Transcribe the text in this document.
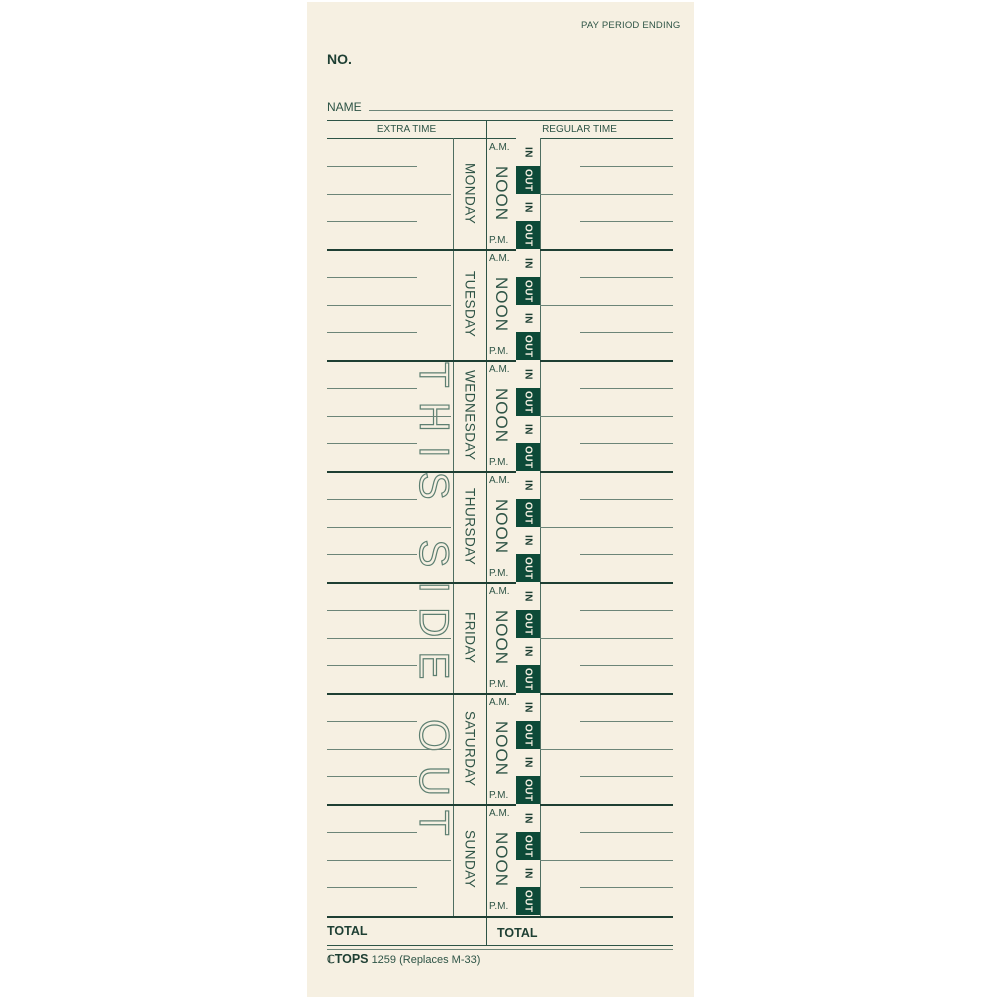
PAY PERIOD ENDING
NO.
NAME
EXTRA TIME	REGULAR TIME
THIS SIDE OUT
MONDAY
A.M.
NOON
P.M.
IN
OUT
IN
OUT
TUESDAY
A.M.
NOON
P.M.
IN
OUT
IN
OUT
WEDNESDAY
A.M.
NOON
P.M.
IN
OUT
IN
OUT
THURSDAY
A.M.
NOON
P.M.
IN
OUT
IN
OUT
FRIDAY
A.M.
NOON
P.M.
IN
OUT
IN
OUT
SATURDAY
A.M.
NOON
P.M.
IN
OUT
IN
OUT
SUNDAY
A.M.
NOON
P.M.
IN
OUT
IN
OUT
TOTAL	TOTAL
ℂTOPS 1259 (Replaces M-33)
